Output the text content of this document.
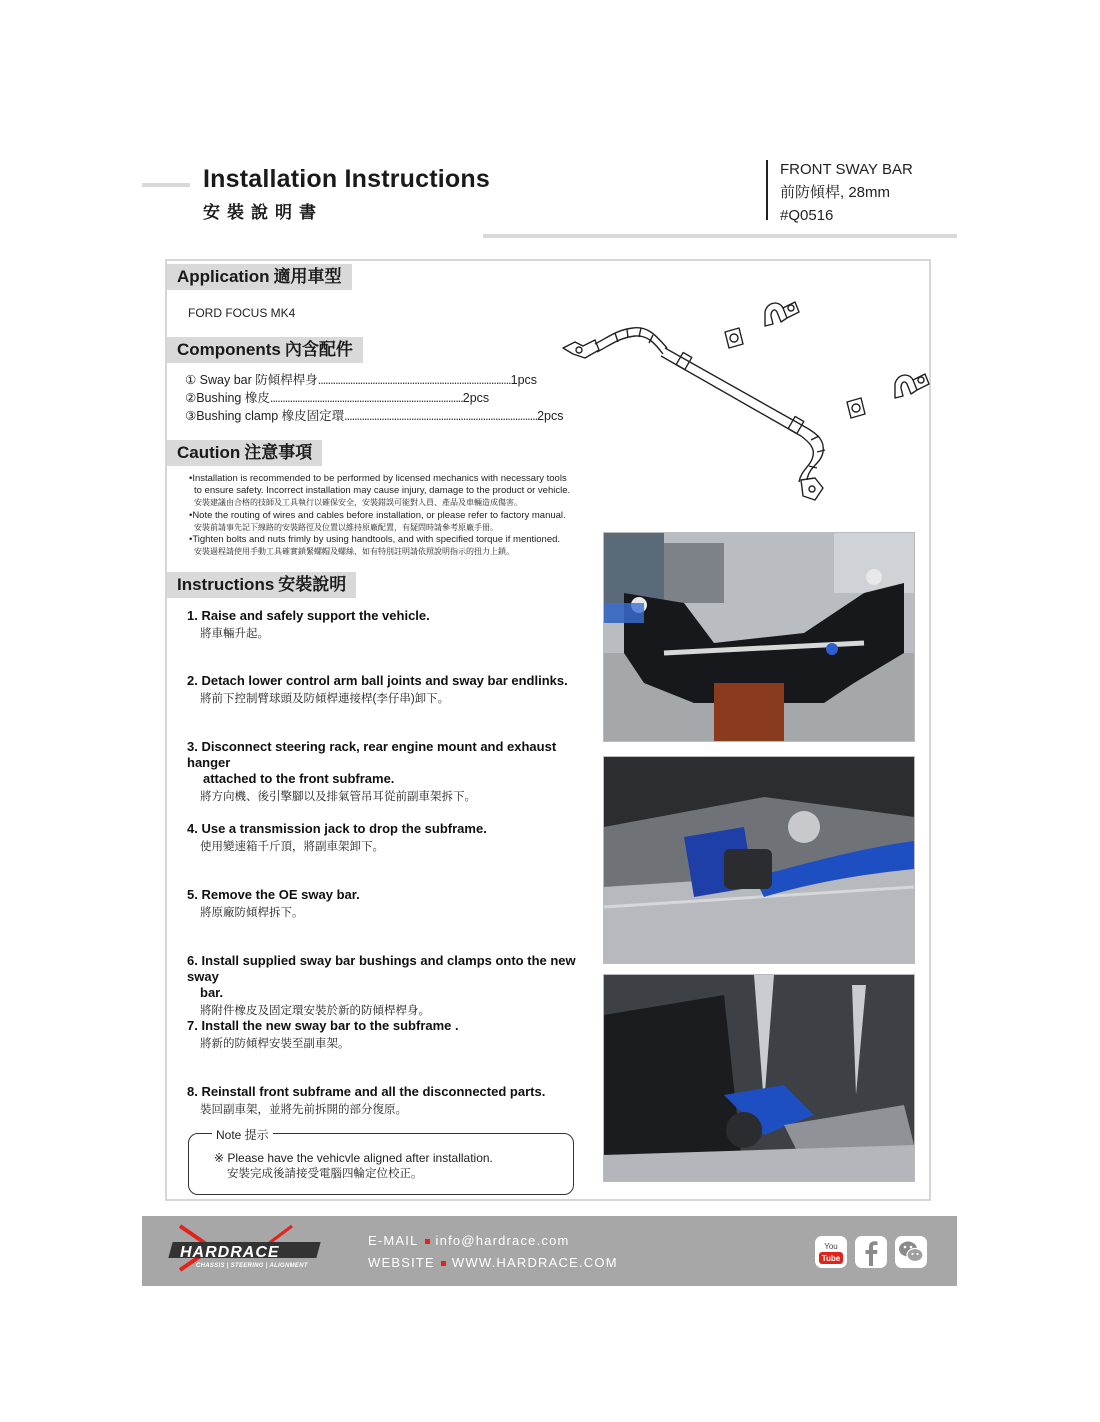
Installation Instructions
安裝說明書
FRONT SWAY BAR
前防傾桿, 28mm
#Q0516
Application 適用車型
FORD FOCUS MK4
Components 內含配件
① Sway bar 防傾桿桿身 .............................................................................. 1pcs
②Bushing 橡皮 .............................................................................. 2pcs
③Bushing clamp 橡皮固定環 .............................................................................. 2pcs
Caution 注意事項
•Installation is recommended to be performed by licensed mechanics with necessary tools
to ensure safety. Incorrect installation may cause injury, damage to the product or vehicle.
安裝建議由合格的技師及工具執行以確保安全，安裝錯誤可能對人員、產品及車輛造成傷害。
•Note the routing of wires and cables before installation, or please refer to factory manual.
安裝前請事先記下線路的安裝路徑及位置以維持原廠配置，有疑問時請參考原廠手冊。
•Tighten bolts and nuts frimly by using handtools, and with specified torque if mentioned.
安裝過程請使用手動工具確實鎖緊螺帽及螺絲，如有特別註明請依照說明指示的扭力上鎖。
Instructions 安裝說明
1. Raise and safely support the vehicle.
將車輛升起。
2. Detach lower control arm ball joints and sway bar endlinks.
將前下控制臂球頭及防傾桿連接桿(李仔串)卸下。
3. Disconnect steering rack, rear engine mount and exhaust hanger
attached to the front subframe.
將方向機、後引擎腳以及排氣管吊耳從前副車架拆下。
4. Use a transmission jack to drop the subframe.
使用變速箱千斤頂，將副車架卸下。
5. Remove the OE sway bar.
將原廠防傾桿拆下。
6. Install supplied sway bar bushings and clamps onto the new sway
bar.
將附件橡皮及固定環安裝於新的防傾桿桿身。
7. Install the new sway bar to the subframe .
將新的防傾桿安裝至副車架。
8. Reinstall front subframe and all the disconnected parts.
裝回副車架，並將先前拆開的部分復原。
Note 提示
※ Please have the vehicvle aligned after installation.
安裝完成後請接受電腦四輪定位校正。
HARDRACE
CHASSIS | STEERING | ALIGNMENT
E-MAIL info@hardrace.com
WEBSITE WWW.HARDRACE.COM
You
Tube
